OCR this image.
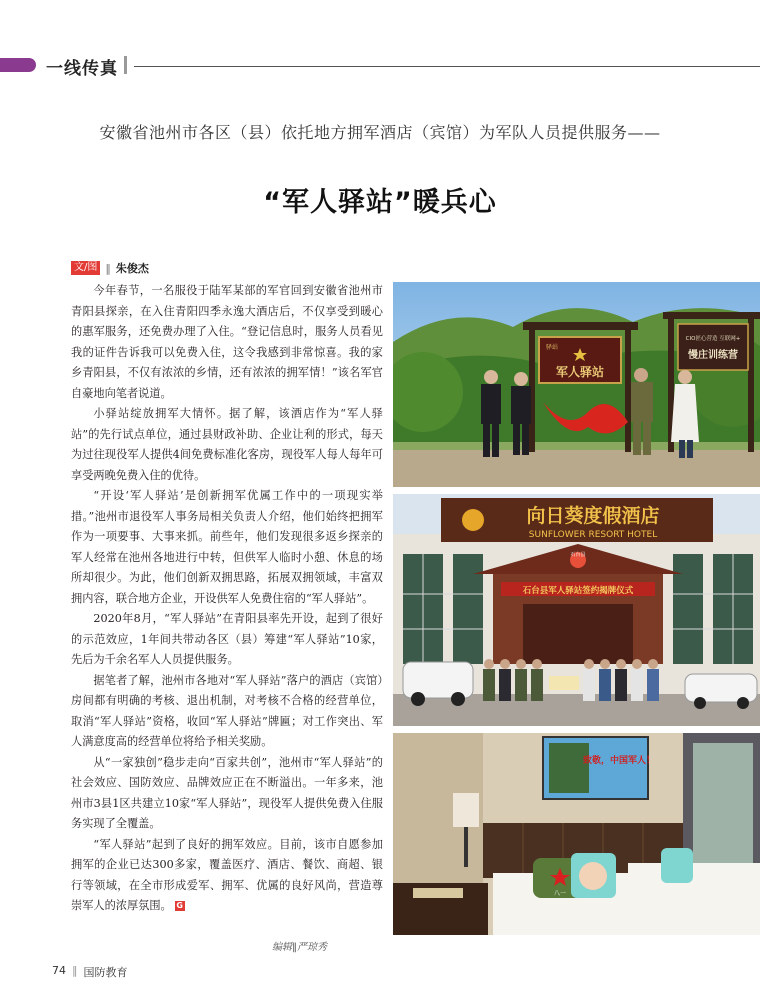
一线传真
安徽省池州市各区（县）依托地方拥军酒店（宾馆）为军队人员提供服务——
“军人驿站”暖兵心
文/图 ‖ 朱俊杰

今年春节，一名服役于陆军某部的军官回到安徽省池州市青阳县探亲，在入住青阳四季永逸大酒店后，不仅享受到暖心的惠军服务，还免费办理了入住。“登记信息时，服务人员看见我的证件告诉我可以免费入住，这令我感到非常惊喜。我的家乡青阳县，不仅有浓浓的乡情，还有浓浓的拥军情！”该名军官自豪地向笔者说道。

小驿站绽放拥军大情怀。据了解，该酒店作为“军人驿站”的先行试点单位，通过县财政补助、企业让利的形式，每天为过往现役军人提供4间免费标准化客房，现役军人每人每年可享受两晚免费入住的优待。

“开设‘军人驿站’是创新拥军优属工作中的一项现实举措。”池州市退役军人事务局相关负责人介绍，他们始终把拥军作为一项要事、大事来抓。前些年，他们发现很多返乡探亲的军人经常在池州各地进行中转，但供军人临时小憩、休息的场所却很少。为此，他们创新双拥思路，拓展双拥领域，丰富双拥内容，联合地方企业，开设供军人免费住宿的“军人驿站”。

2020年8月，“军人驿站”在青阳县率先开设，起到了很好的示范效应，1年间共带动各区（县）筹建“军人驿站”10家，先后为千余名军人人员提供服务。

据笔者了解，池州市各地对“军人驿站”落户的酒店（宾馆）房间都有明确的考核、退出机制，对考核不合格的经营单位，取消“军人驿站”资格，收回“军人驿站”牌匾；对工作突出、军人满意度高的经营单位将给予相关奖励。

从“一家独创”稳步走向“百家共创”，池州市“军人驿站”的社会效应、国防效应、品牌效应正在不断溢出。一年多来，池州市3县1区共建立10家“军人驿站”，现役军人提供免费入住服务实现了全覆盖。

“军人驿站”起到了良好的拥军效应。目前，该市自愿参加拥军的企业已达300多家，覆盖医疗、酒店、餐饮、商超、银行等领域，在全市形成爱军、拥军、优属的良好风尚，营造尊崇军人的浓厚氛围。 G

编辑‖严琼秀
74 ‖ 国防教育
驿站
军人驿站
CIO匠心营造 互联网+
慢庄训练营
向日葵度假酒店
SUNFLOWER RESORT HOTEL
石台县
石台县军人驿站签约揭牌仪式
致敬，中国军人！
八一
